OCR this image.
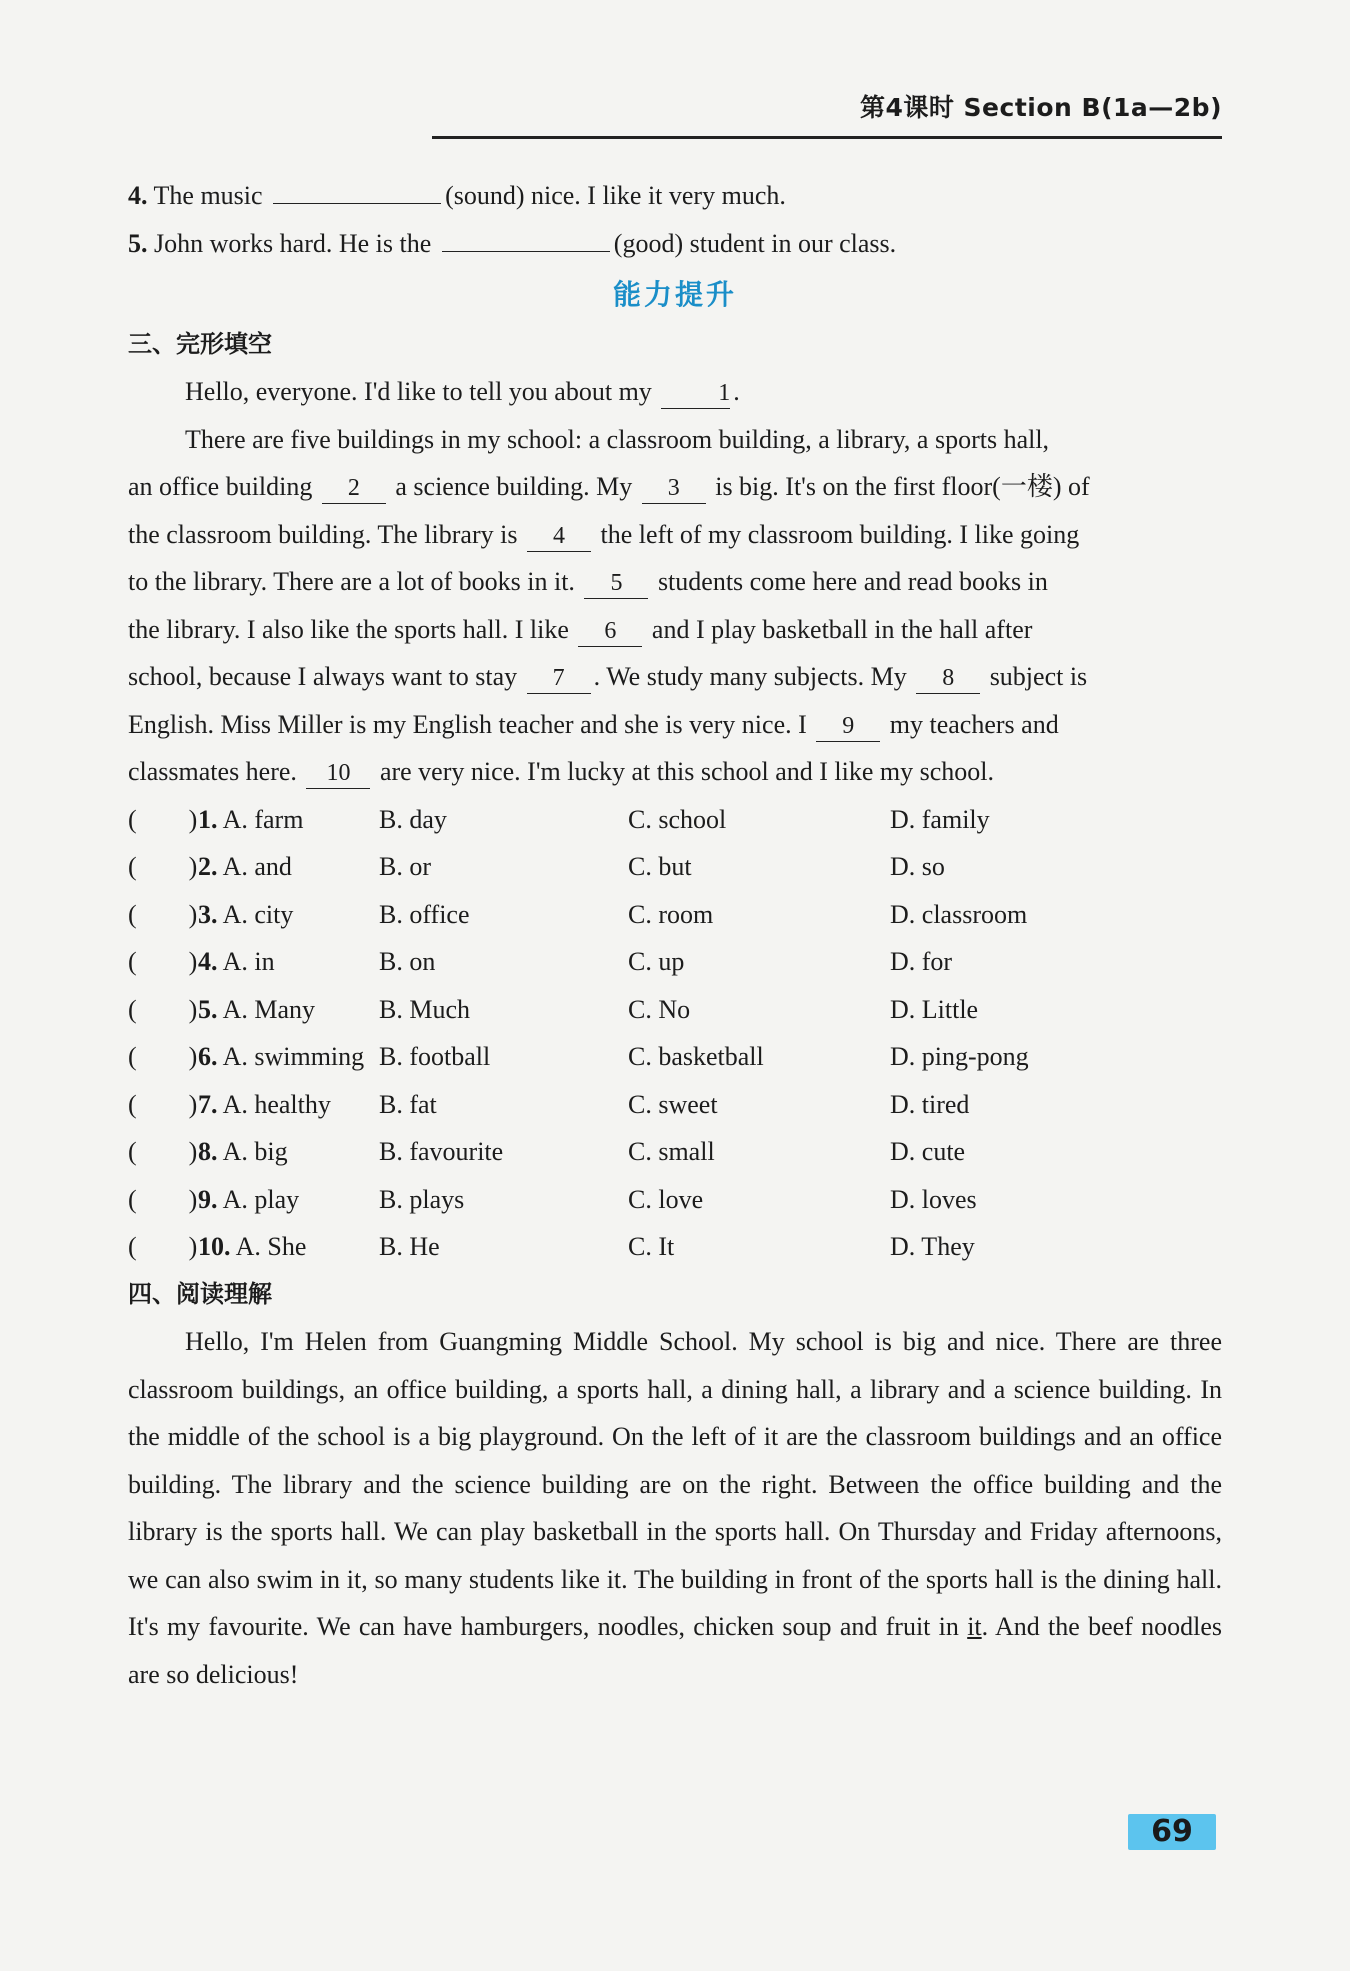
第4课时 Section B(1a—2b)
4. The music	(sound) nice. I like it very much.
5. John works hard. He is the	(good) student in our class.
能力提升
三、完形填空
Hello, everyone. I'd like to tell you about my	1 .
There are five buildings in my school: a classroom building, a library, a sports hall,
an office building 2 a science building. My 3 is big. It's on the first floor(一楼) of
the classroom building. The library is 4 the left of my classroom building. I like going
to the library. There are a lot of books in it. 5 students come here and read books in
the library. I also like the sports hall. I like 6 and I play basketball in the hall after
school, because I always want to stay 7 . We study many subjects. My 8 subject is
English. Miss Miller is my English teacher and she is very nice. I 9 my teachers and
classmates here. 10 are very nice. I'm lucky at this school and I like my school.
(　　) 1. A. farm	B. day	C. school	D. family
(　　) 2. A. and	B. or	C. but	D. so
(　　) 3. A. city	B. office	C. room	D. classroom
(　　) 4. A. in	B. on	C. up	D. for
(　　) 5. A. Many	B. Much	C. No	D. Little
(　　) 6. A. swimming B. football	C. basketball	D. ping-pong
(　　) 7. A. healthy	B. fat	C. sweet	D. tired
(　　) 8. A. big	B. favourite	C. small	D. cute
(　　) 9. A. play	B. plays	C. love	D. loves
(　　) 10. A. She	B. He	C. It	D. They
四、阅读理解
Hello, I'm Helen from Guangming Middle School. My school is big and nice. There are three classroom buildings, an office building, a sports hall, a dining hall, a library and a science building. In the middle of the school is a big playground. On the left of it are the classroom buildings and an office building. The library and the science building are on the right. Between the office building and the library is the sports hall. We can play basketball in the sports hall. On Thursday and Friday afternoons, we can also swim in it, so many students like it. The building in front of the sports hall is the dining hall. It's my favourite. We can have hamburgers, noodles, chicken soup and fruit in it. And the beef noodles are so delicious!
69
